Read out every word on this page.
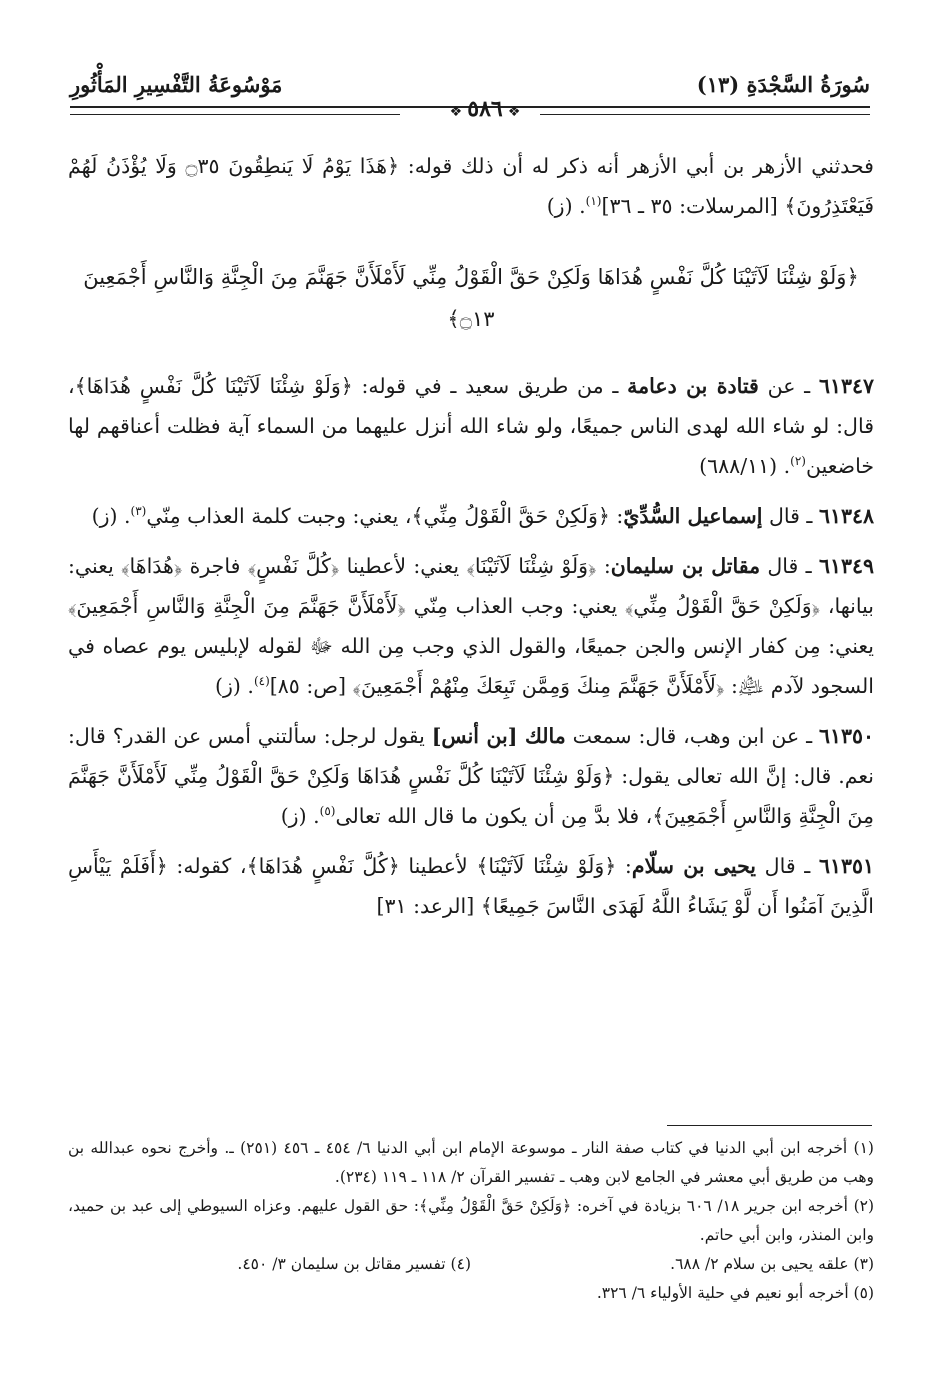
سُورَةُ السَّجْدَةِ (١٣)
مَوْسُوعَةُ التَّفْسِيرِ المَأْثُورِ
❖ ٥٨٦ ❖

فحدثني الأزهر بن أبي الأزهر أنه ذكر له أن ذلك قوله: ﴿هَذَا يَوْمُ لَا يَنطِقُونَ ۝٣٥ وَلَا يُؤْذَنُ لَهُمْ فَيَعْتَذِرُونَ﴾ [المرسلات: ٣٥ ـ ٣٦]$^{(١)}$. (ز)

﴿وَلَوْ شِئْنَا لَآتَيْنَا كُلَّ نَفْسٍ هُدَاهَا وَلَكِنْ حَقَّ الْقَوْلُ مِنِّي لَأَمْلَأَنَّ جَهَنَّمَ مِنَ الْجِنَّةِ وَالنَّاسِ أَجْمَعِينَ ۝١٣﴾

٦١٣٤٧ ـ عن قتادة بن دعامة ـ من طريق سعيد ـ في قوله: ﴿وَلَوْ شِئْنَا لَآتَيْنَا كُلَّ نَفْسٍ هُدَاهَا﴾، قال: لو شاء الله لهدى الناس جميعًا، ولو شاء الله أنزل عليهما من السماء آية فظلت أعناقهم لها خاضعين$^{(٢)}$. (٦٨٨/١١)

٦١٣٤٨ ـ قال إسماعيل السُّدِّيّ: ﴿وَلَكِنْ حَقَّ الْقَوْلُ مِنِّي﴾، يعني: وجبت كلمة العذاب مِنّي$^{(٣)}$. (ز)

٦١٣٤٩ ـ قال مقاتل بن سليمان: ﴿وَلَوْ شِئْنَا لَآتَيْنَا﴾ يعني: لأعطينا ﴿كُلَّ نَفْسٍ﴾ فاجرة ﴿هُدَاهَا﴾ يعني: بيانها، ﴿وَلَكِنْ حَقَّ الْقَوْلُ مِنِّي﴾ يعني: وجب العذاب مِنّي ﴿لَأَمْلَأَنَّ جَهَنَّمَ مِنَ الْجِنَّةِ وَالنَّاسِ أَجْمَعِينَ﴾ يعني: مِن كفار الإنس والجن جميعًا، والقول الذي وجب مِن الله ﷻ لقوله لإبليس يوم عصاه في السجود لآدم ﵇: ﴿لَأَمْلَأَنَّ جَهَنَّمَ مِنكَ وَمِمَّن تَبِعَكَ مِنْهُمْ أَجْمَعِينَ﴾ [ص: ٨٥]$^{(٤)}$. (ز)

٦١٣٥٠ ـ عن ابن وهب، قال: سمعت مالك [بن أنس] يقول لرجل: سألتني أمس عن القدر؟ قال: نعم. قال: إنَّ الله تعالى يقول: ﴿وَلَوْ شِئْنَا لَآتَيْنَا كُلَّ نَفْسٍ هُدَاهَا وَلَكِنْ حَقَّ الْقَوْلُ مِنِّي لَأَمْلَأَنَّ جَهَنَّمَ مِنَ الْجِنَّةِ وَالنَّاسِ أَجْمَعِينَ﴾، فلا بدَّ مِن أن يكون ما قال الله تعالى$^{(٥)}$. (ز)

٦١٣٥١ ـ قال يحيى بن سلّام: ﴿وَلَوْ شِئْنَا لَآتَيْنَا﴾ لأعطينا ﴿كُلَّ نَفْسٍ هُدَاهَا﴾، كقوله: ﴿أَفَلَمْ يَيْأَسِ الَّذِينَ آمَنُوا أَن لَّوْ يَشَاءُ اللَّهُ لَهَدَى النَّاسَ جَمِيعًا﴾ [الرعد: ٣١]

(١) أخرجه ابن أبي الدنيا في كتاب صفة النار ـ موسوعة الإمام ابن أبي الدنيا ٦/ ٤٥٤ ـ ٤٥٦ (٢٥١) ـ. وأخرج نحوه عبدالله بن وهب من طريق أبي معشر في الجامع لابن وهب ـ تفسير القرآن ٢/ ١١٨ ـ ١١٩ (٢٣٤).

(٢) أخرجه ابن جرير ١٨/ ٦٠٦ بزيادة في آخره: ﴿وَلَكِنْ حَقَّ الْقَوْلُ مِنِّي﴾: حق القول عليهم. وعزاه السيوطي إلى عبد بن حميد، وابن المنذر، وابن أبي حاتم.

(٣) علقه يحيى بن سلام ٢/ ٦٨٨.

(٤) تفسير مقاتل بن سليمان ٣/ ٤٥٠.

(٥) أخرجه أبو نعيم في حلية الأولياء ٦/ ٣٢٦.
